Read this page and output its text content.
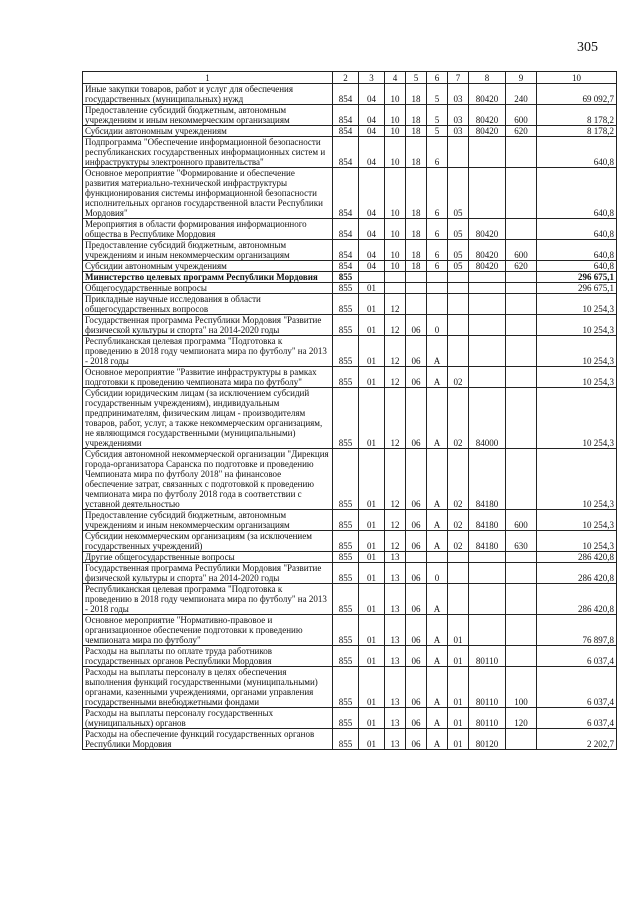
305
1	2	3	4	5	6	7	8	9	10
Иные закупки товаров, работ и услуг для обеспечения государственных (муниципальных) нужд	854	04	10	18	5	03	80420	240	69 092,7
Предоставление субсидий бюджетным, автономным учреждениям и иным некоммерческим организациям	854	04	10	18	5	03	80420	600	8 178,2
Субсидии автономным учреждениям	854	04	10	18	5	03	80420	620	8 178,2
Подпрограмма "Обеспечение информационной безопасности республиканских государственных информационных систем и инфраструктуры электронного правительства"	854	04	10	18	6				640,8
Основное мероприятие "Формирование и обеспечение развития материально-технической инфраструктуры функционирования системы информационной безопасности исполнительных органов государственной власти Республики Мордовия"	854	04	10	18	6	05			640,8
Мероприятия в области формирования информационного общества в Республике Мордовия	854	04	10	18	6	05	80420		640,8
Предоставление субсидий бюджетным, автономным учреждениям и иным некоммерческим организациям	854	04	10	18	6	05	80420	600	640,8
Субсидии автономным учреждениям	854	04	10	18	6	05	80420	620	640,8
Министерство целевых программ Республики Мордовия	855								296 675,1
Общегосударственные вопросы	855	01							296 675,1
Прикладные научные исследования в области общегосударственных вопросов	855	01	12						10 254,3
Государственная программа Республики Мордовия "Развитие физической культуры и спорта" на 2014-2020 годы	855	01	12	06	0				10 254,3
Республиканская целевая программа "Подготовка к проведению в 2018 году чемпионата мира по футболу" на 2013 - 2018 годы	855	01	12	06	А				10 254,3
Основное мероприятие "Развитие инфраструктуры в рамках подготовки к проведению чемпионата мира по футболу"	855	01	12	06	А	02			10 254,3
Субсидии юридическим лицам (за исключением субсидий государственным учреждениям), индивидуальным предпринимателям, физическим лицам - производителям товаров, работ, услуг, а также некоммерческим организациям, не являющимся государственными (муниципальными) учреждениями	855	01	12	06	А	02	84000		10 254,3
Субсидия автономной некоммерческой организации "Дирекция города-организатора Саранска по подготовке и проведению Чемпионата мира по футболу 2018" на финансовое обеспечение затрат, связанных с подготовкой к проведению чемпионата мира по футболу 2018 года в соответствии с уставной деятельностью	855	01	12	06	А	02	84180		10 254,3
Предоставление субсидий бюджетным, автономным учреждениям и иным некоммерческим организациям	855	01	12	06	А	02	84180	600	10 254,3
Субсидии некоммерческим организациям (за исключением государственных учреждений)	855	01	12	06	А	02	84180	630	10 254,3
Другие общегосударственные вопросы	855	01	13						286 420,8
Государственная программа Республики Мордовия "Развитие физической культуры и спорта" на 2014-2020 годы	855	01	13	06	0				286 420,8
Республиканская целевая программа "Подготовка к проведению в 2018 году чемпионата мира по футболу" на 2013 - 2018 годы	855	01	13	06	А				286 420,8
Основное мероприятие "Нормативно-правовое и организационное обеспечение подготовки к проведению чемпионата мира по футболу"	855	01	13	06	А	01			76 897,8
Расходы на выплаты по оплате труда работников государственных органов Республики Мордовия	855	01	13	06	А	01	80110		6 037,4
Расходы на выплаты персоналу в целях обеспечения выполнения функций государственными (муниципальными) органами, казенными учреждениями, органами управления государственными внебюджетными фондами	855	01	13	06	А	01	80110	100	6 037,4
Расходы на выплаты персоналу государственных (муниципальных) органов	855	01	13	06	А	01	80110	120	6 037,4
Расходы на обеспечение функций государственных органов Республики Мордовия	855	01	13	06	А	01	80120		2 202,7
